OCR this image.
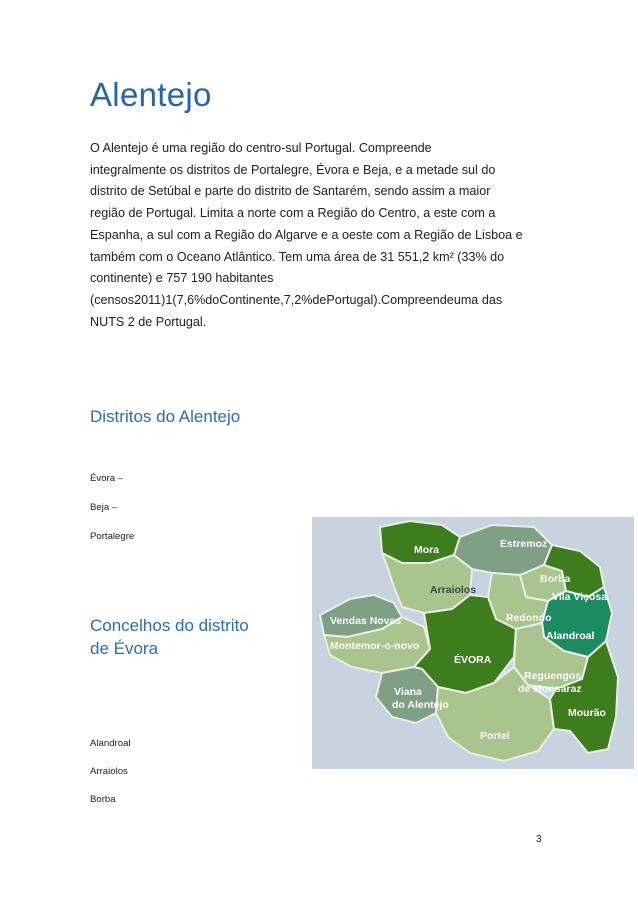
Alentejo

O Alentejo é uma região do centro-sul Portugal. Compreende
integralmente os distritos de Portalegre, Évora e Beja, e a metade sul do
distrito de Setúbal e parte do distrito de Santarém, sendo assim a maior
região de Portugal. Limita a norte com a Região do Centro, a este com a
Espanha, a sul com a Região do Algarve e a oeste com a Região de Lisboa e
também com o Oceano Atlântico. Tem uma área de 31 551,2 km² (33% do
continente) e 757 190 habitantes
(censos2011)1(7,6%doContinente,7,2%dePortugal).Compreendeuma das
NUTS 2 de Portugal.

Distritos do Alentejo

Évora –

Beja –

Portalegre

Concelhos do distrito
de Évora

Alandroal

Arraiolos

Borba

Mora	Estremoz
Arraiolos
Borba
Vila Viçosa
Vendas Novas	Redondo
Montemor-o-novo
Alandroal
ÉVORA
Reguengos
de Monsaraz
Viana
do Alentejo
Mourão
Portel
3
